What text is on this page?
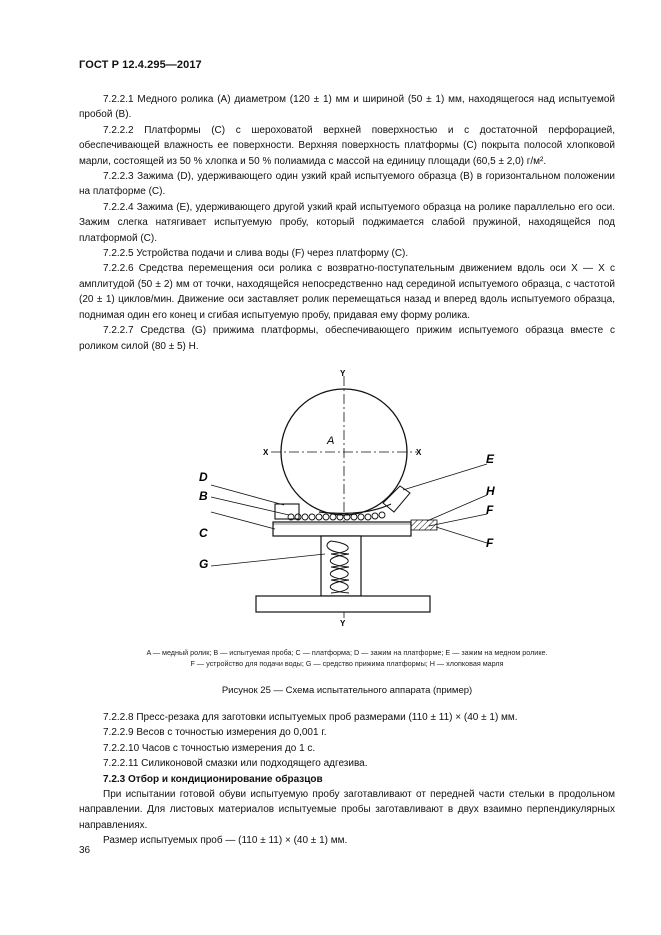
ГОСТ Р 12.4.295—2017

7.2.2.1 Медного ролика (А) диаметром (120 ± 1) мм и шириной (50 ± 1) мм, находящегося над испытуемой пробой (В).

7.2.2.2 Платформы (С) с шероховатой верхней поверхностью и с достаточной перфорацией, обеспечивающей влажность ее поверхности. Верхняя поверхность платформы (С) покрыта полосой хлопковой марли, состоящей из 50 % хлопка и 50 % полиамида с массой на единицу площади (60,5 ± 2,0) г/м².

7.2.2.3 Зажима (D), удерживающего один узкий край испытуемого образца (В) в горизонтальном положении на платформе (С).

7.2.2.4 Зажима (Е), удерживающего другой узкий край испытуемого образца на ролике параллельно его оси. Зажим слегка натягивает испытуемую пробу, который поджимается слабой пружиной, находящейся под платформой (С).

7.2.2.5 Устройства подачи и слива воды (F) через платформу (С).

7.2.2.6 Средства перемещения оси ролика с возвратно-поступательным движением вдоль оси Х — Х с амплитудой (50 ± 2) мм от точки, находящейся непосредственно над серединой испытуемого образца, с частотой (20 ± 1) циклов/мин. Движение оси заставляет ролик перемещаться назад и вперед вдоль испытуемого образца, поднимая один его конец и сгибая испытуемую пробу, придавая ему форму ролика.

7.2.2.7 Средства (G) прижима платформы, обеспечивающего прижим испытуемого образца вместе с роликом силой (80 ± 5) Н.

Y
Y
X	X
A
D
B
C
G
E
H
F
F
A — медный ролик; B — испытуемая проба; C — платформа; D — зажим на платформе; E — зажим на медном ролике.
F — устройство для подачи воды; G — средство прижима платформы; H — хлопковая марля
Рисунок 25 — Схема испытательного аппарата (пример)

7.2.2.8 Пресс-резака для заготовки испытуемых проб размерами (110 ± 11) × (40 ± 1) мм.

7.2.2.9 Весов с точностью измерения до 0,001 г.

7.2.2.10 Часов с точностью измерения до 1 с.

7.2.2.11 Силиконовой смазки или подходящего адгезива.

7.2.3 Отбор и кондиционирование образцов

При испытании готовой обуви испытуемую пробу заготавливают от передней части стельки в продольном направлении. Для листовых материалов испытуемые пробы заготавливают в двух взаимно перпендикулярных направлениях.

Размер испытуемых проб — (110 ± 11) × (40 ± 1) мм.

36
